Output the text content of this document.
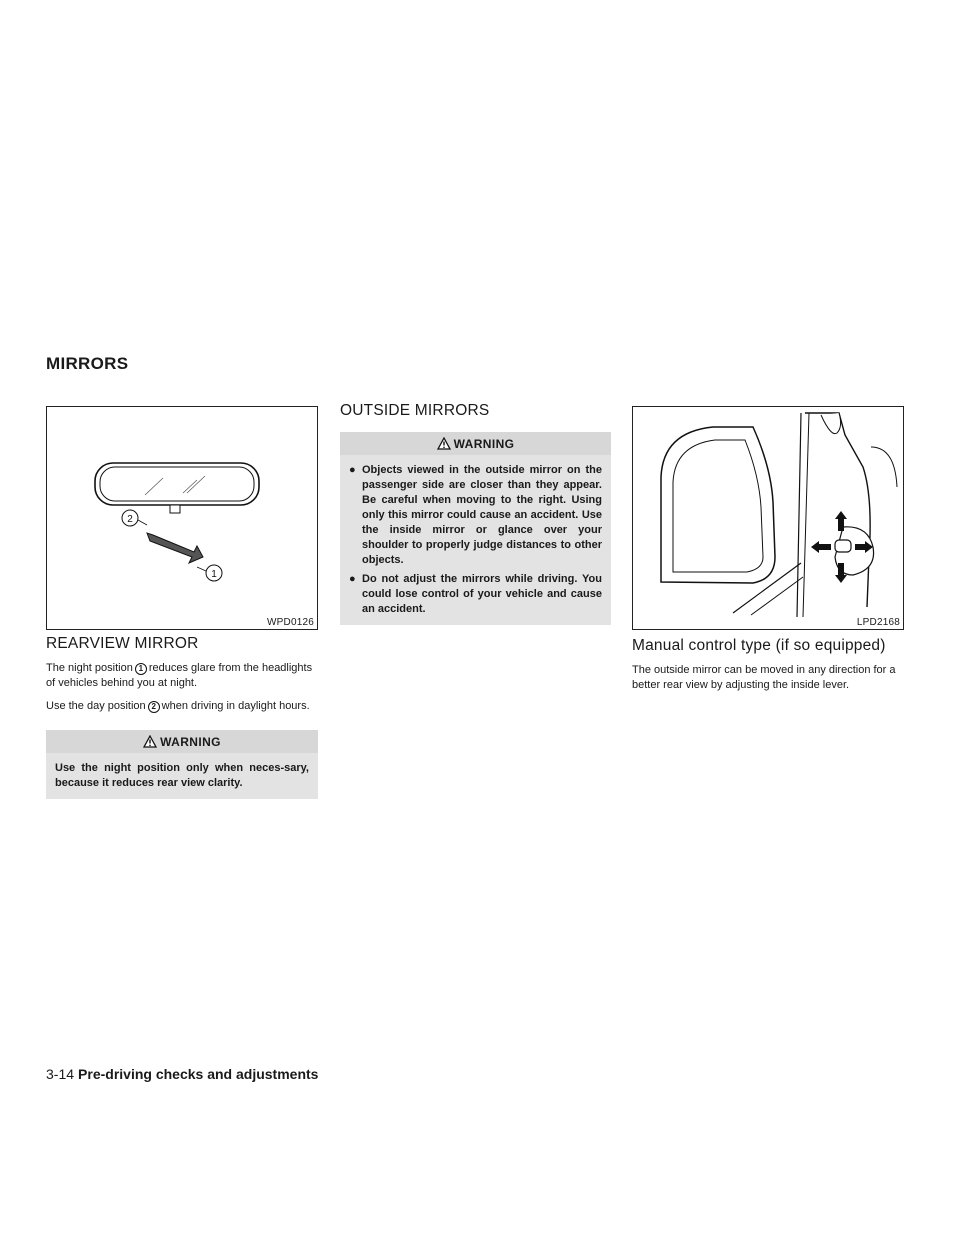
MIRRORS
2
1
WPD0126
REARVIEW MIRROR

The night position 1 reduces glare from the headlights of vehicles behind you at night.

Use the day position 2 when driving in daylight hours.

WARNING
Use the night position only when neces-sary, because it reduces rear view clarity.
OUTSIDE MIRRORS
WARNING
● Objects viewed in the outside mirror on the passenger side are closer than they appear. Be careful when moving to the right. Using only this mirror could cause an accident. Use the inside mirror or glance over your shoulder to properly judge distances to other objects.
● Do not adjust the mirrors while driving. You could lose control of your vehicle and cause an accident.
LPD2168
Manual control type (if so equipped)

The outside mirror can be moved in any direction for a better rear view by adjusting the inside lever.

3-14 Pre-driving checks and adjustments
